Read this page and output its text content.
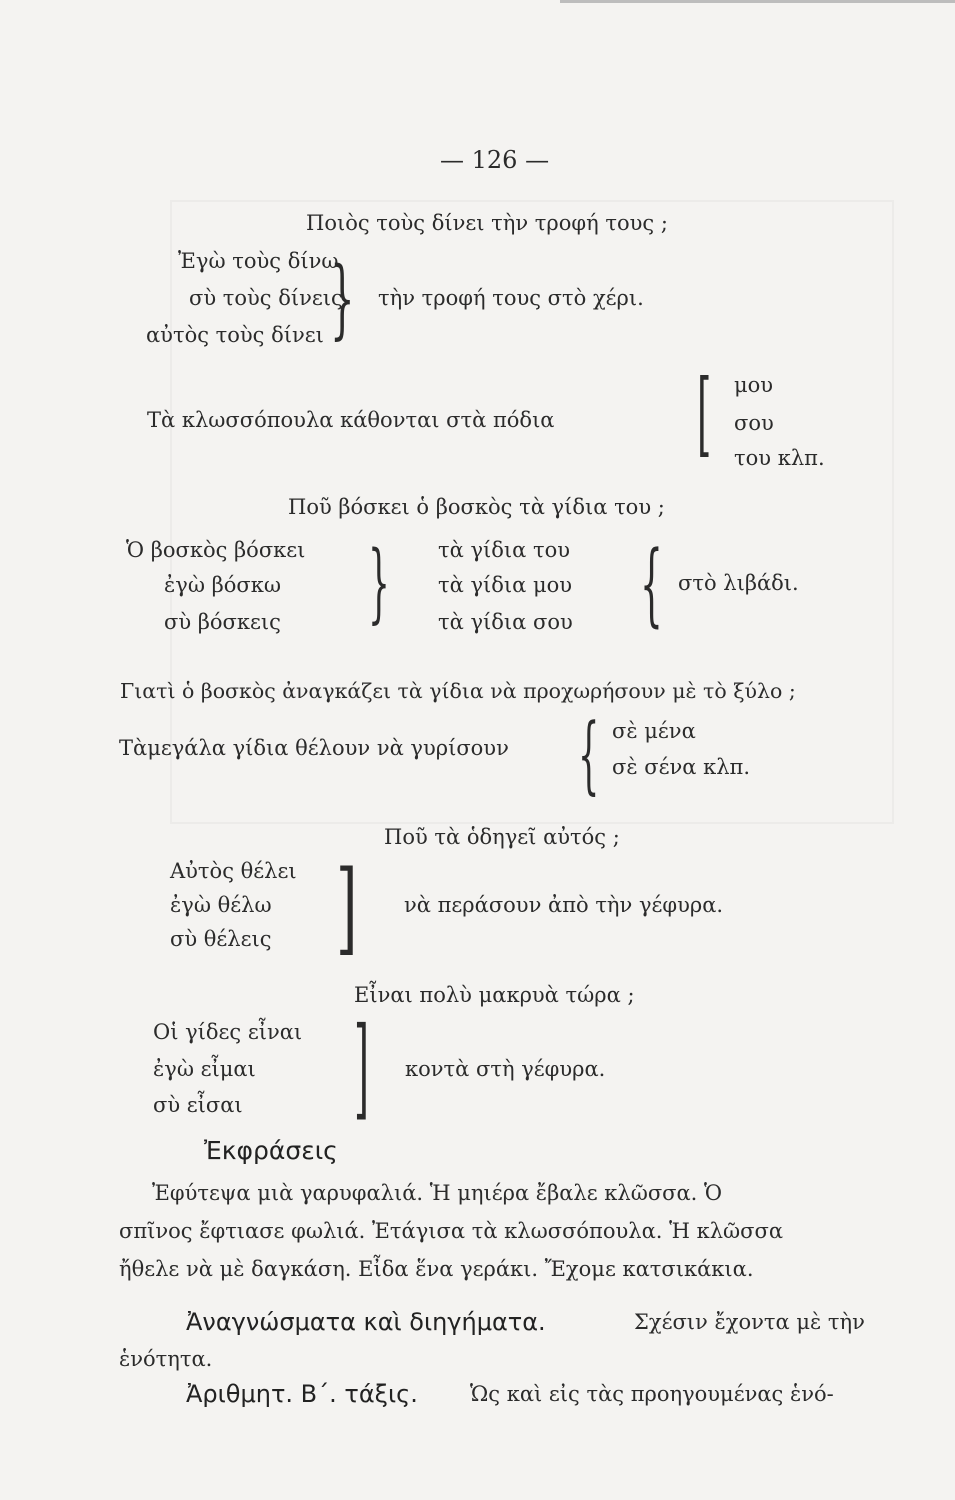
— 126 —
Ποιὸς τοὺς δίνει τὴν τροφή τους ;
Ἐγὼ τοὺς δίνω
σὺ τοὺς δίνεις
αὐτὸς τοὺς δίνει } τὴν τροφή τους στὸ χέρι.
Τὰ κλωσσόπουλα κάθονται στὰ πόδια [ μου
σου
του κλπ.
Ποῦ βόσκει ὁ βοσκὸς τὰ γίδια του ;
Ὁ βοσκὸς βόσκει
ἐγὼ βόσκω
σὺ βόσκεις } τὰ γίδια του
τὰ γίδια μου
τὰ γίδια σου { στὸ λιβάδι.
Γιατὶ ὁ βοσκὸς ἀναγκάζει τὰ γίδια νὰ προχωρήσουν μὲ τὸ ξύλο ;
Τὰμεγάλα γίδια θέλουν νὰ γυρίσουν { σὲ μένα
σὲ σένα κλπ.
Ποῦ τὰ ὁδηγεῖ αὐτός ;
Αὐτὸς θέλει
ἐγὼ θέλω
σὺ θέλεις ] νὰ περάσουν ἀπὸ τὴν γέφυρα.
Εἶναι πολὺ μακρυὰ τώρα ;
Οἱ γίδες εἶναι
ἐγὼ εἶμαι
σὺ εἶσαι ] κοντὰ στὴ γέφυρα.
Ἐκφράσεις
Ἐφύτεψα μιὰ γαρυφαλιά. Ἡ μηιέρα ἔβαλε κλῶσσα. Ὁ
σπῖνος ἔφτιασε φωλιά. Ἐτάγισα τὰ κλωσσόπουλα. Ἡ κλῶσσα
ἤθελε νὰ μὲ δαγκάση. Εἶδα ἕνα γεράκι. Ἔχομε κατσικάκια.
Ἀναγνώσματα καὶ διηγήματα.	Σχέσιν ἔχοντα μὲ τὴν
ἑνότητα.
Ἀριθμητ. Β΄. τάξις. Ὡς καὶ εἰς τὰς προηγουμένας ἑνό-
